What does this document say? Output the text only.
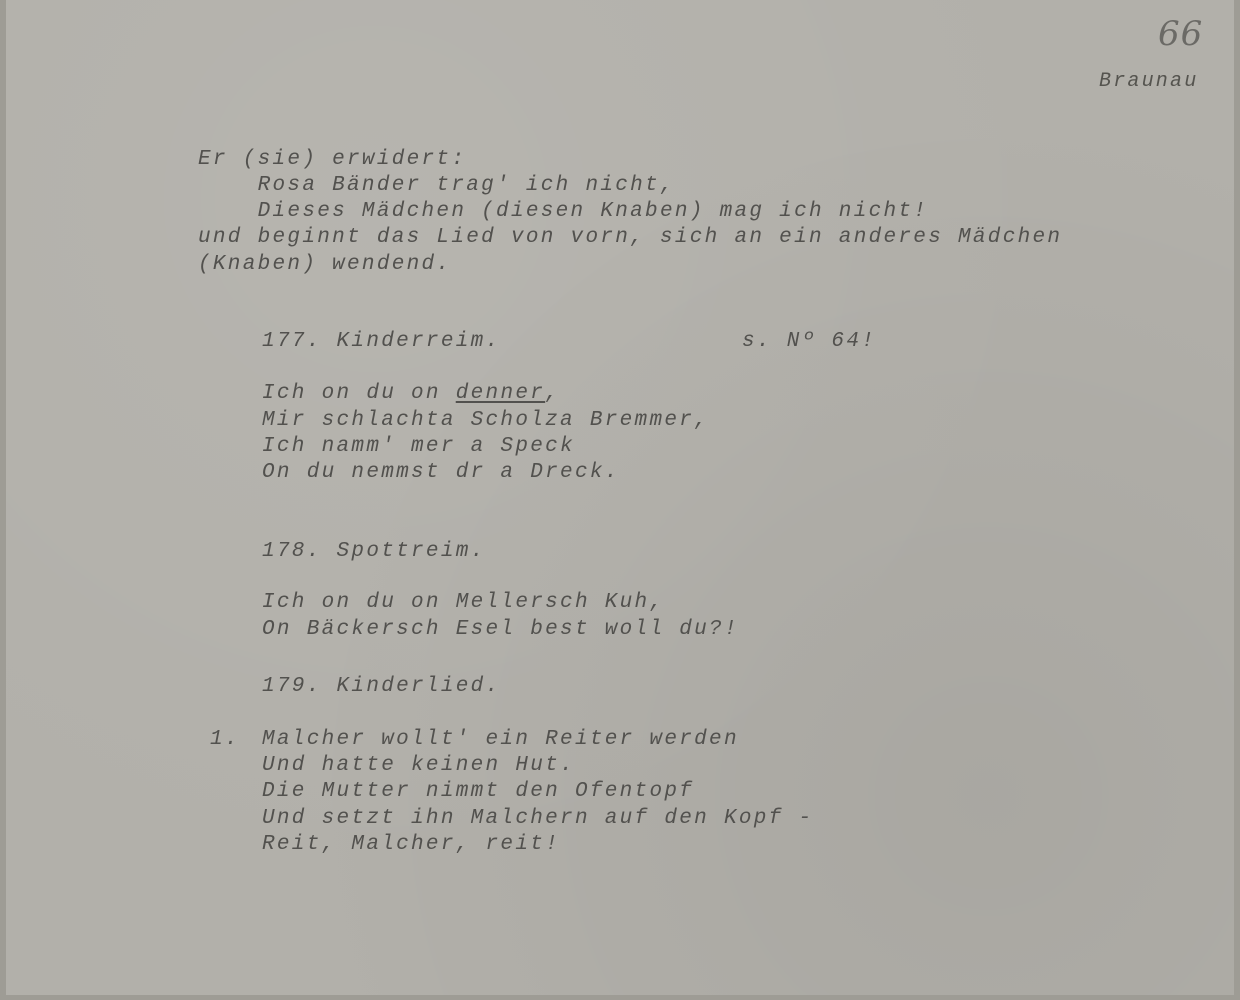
66
Braunau
Er (sie) erwidert:
Rosa Bänder trag' ich nicht,
Dieses Mädchen (diesen Knaben) mag ich nicht!
und beginnt das Lied von vorn, sich an ein anderes Mädchen
(Knaben) wendend.
177. Kinderreim.	s. Nº 64!
Ich on du on denner,
Mir schlachta Scholza Bremmer,
Ich namm' mer a Speck
On du nemmst dr a Dreck.
178. Spottreim.
Ich on du on Mellersch Kuh,
On Bäckersch Esel best woll du?!
179. Kinderlied.
1. Malcher wollt' ein Reiter werden
Und hatte keinen Hut.
Die Mutter nimmt den Ofentopf
Und setzt ihn Malchern auf den Kopf -
Reit, Malcher, reit!
